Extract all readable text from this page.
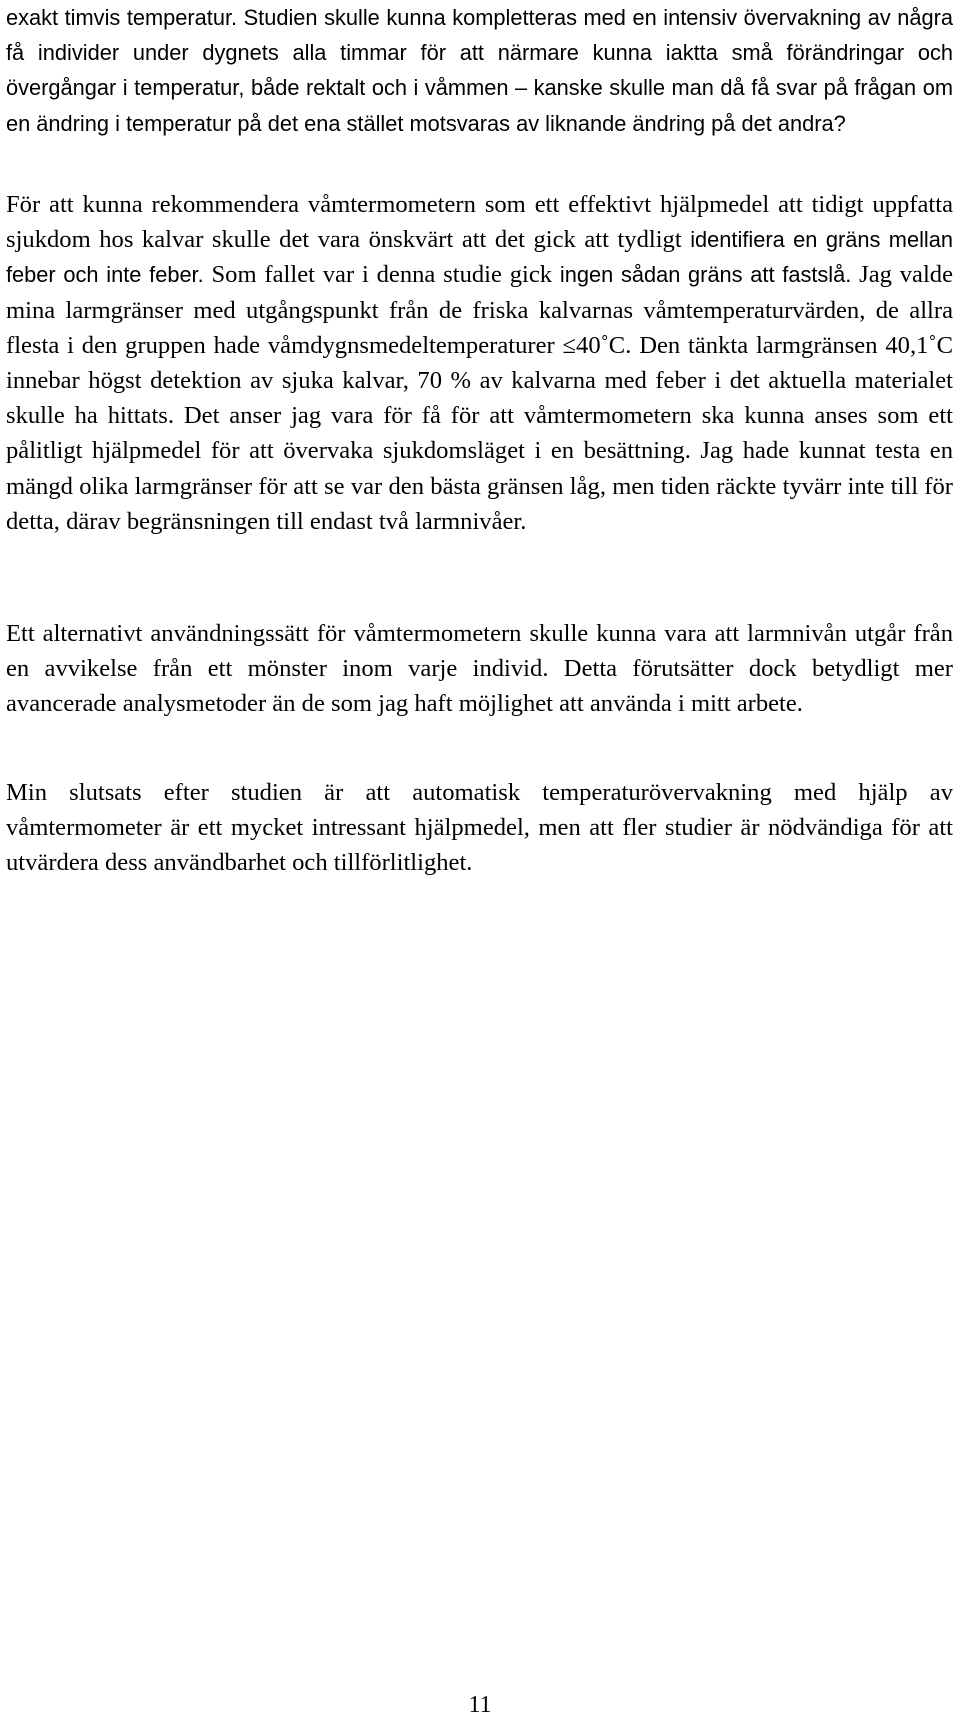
exakt timvis temperatur. Studien skulle kunna kompletteras med en intensiv övervakning av några få individer under dygnets alla timmar för att närmare kunna iaktta små förändringar och övergångar i temperatur, både rektalt och i våmmen – kanske skulle man då få svar på frågan om en ändring i temperatur på det ena stället motsvaras av liknande ändring på det andra?

För att kunna rekommendera våmtermometern som ett effektivt hjälpmedel att tidigt uppfatta sjukdom hos kalvar skulle det vara önskvärt att det gick att tydligt identifiera en gräns mellan feber och inte feber. Som fallet var i denna studie gick ingen sådan gräns att fastslå. Jag valde mina larmgränser med utgångspunkt från de friska kalvarnas våmtemperaturvärden, de allra flesta i den gruppen hade våmdygnsmedeltemperaturer ≤40˚C. Den tänkta larmgränsen 40,1˚C innebar högst detektion av sjuka kalvar, 70 % av kalvarna med feber i det aktuella materialet skulle ha hittats. Det anser jag vara för få för att våmtermometern ska kunna anses som ett pålitligt hjälpmedel för att övervaka sjukdomsläget i en besättning. Jag hade kunnat testa en mängd olika larmgränser för att se var den bästa gränsen låg, men tiden räckte tyvärr inte till för detta, därav begränsningen till endast två larmnivåer.

Ett alternativt användningssätt för våmtermometern skulle kunna vara att larmnivån utgår från en avvikelse från ett mönster inom varje individ. Detta förutsätter dock betydligt mer avancerade analysmetoder än de som jag haft möjlighet att använda i mitt arbete.

Min slutsats efter studien är att automatisk temperaturövervakning med hjälp av våmtermometer är ett mycket intressant hjälpmedel, men att fler studier är nödvändiga för att utvärdera dess användbarhet och tillförlitlighet.

11
